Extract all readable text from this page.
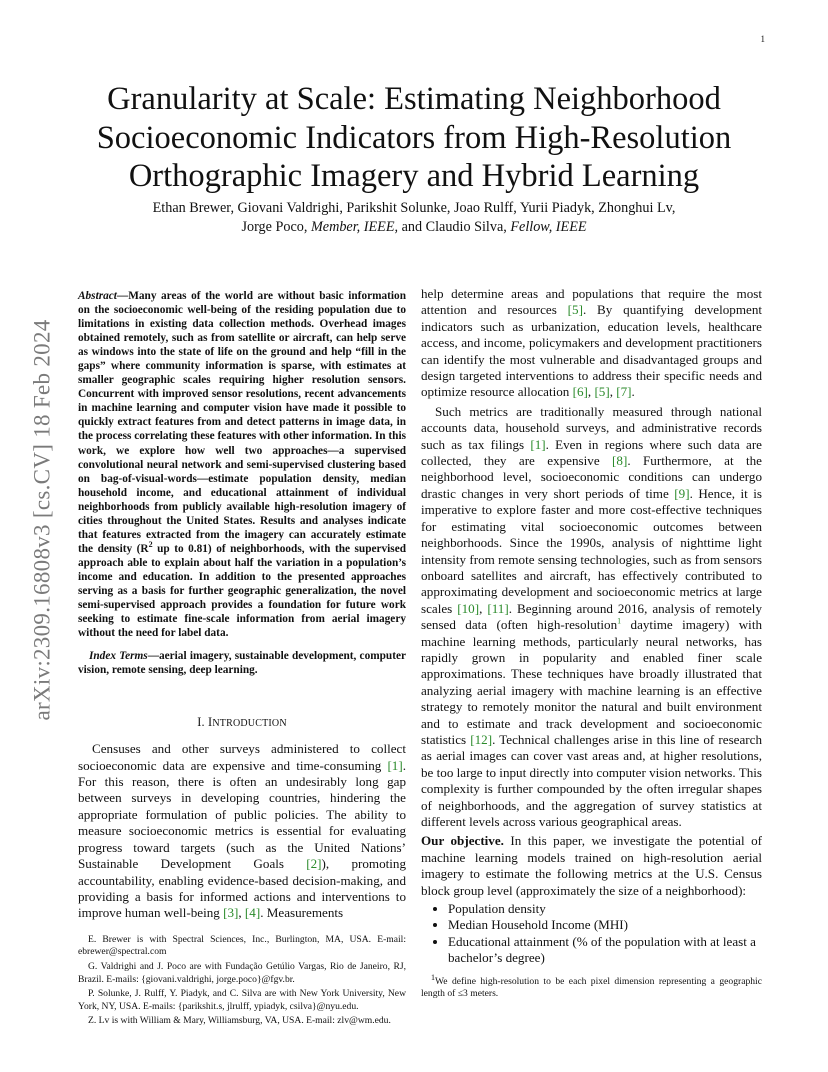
1
arXiv:2309.16808v3 [cs.CV] 18 Feb 2024
Granularity at Scale: Estimating Neighborhood Socioeconomic Indicators from High-Resolution Orthographic Imagery and Hybrid Learning
Ethan Brewer, Giovani Valdrighi, Parikshit Solunke, Joao Rulff, Yurii Piadyk, Zhonghui Lv,
Jorge Poco, Member, IEEE, and Claudio Silva, Fellow, IEEE

Abstract—Many areas of the world are without basic information on the socioeconomic well-being of the residing population due to limitations in existing data collection methods. Overhead images obtained remotely, such as from satellite or aircraft, can help serve as windows into the state of life on the ground and help “fill in the gaps” where community information is sparse, with estimates at smaller geographic scales requiring higher resolution sensors. Concurrent with improved sensor resolutions, recent advancements in machine learning and computer vision have made it possible to quickly extract features from and detect patterns in image data, in the process correlating these features with other information. In this work, we explore how well two approaches—a supervised convolutional neural network and semi-supervised clustering based on bag-of-visual-words—estimate population density, median household income, and educational attainment of individual neighborhoods from publicly available high-resolution imagery of cities throughout the United States. Results and analyses indicate that features extracted from the imagery can accurately estimate the density ($R^2$ up to 0.81) of neighborhoods, with the supervised approach able to explain about half the variation in a population’s income and education. In addition to the presented approaches serving as a basis for further geographic generalization, the novel semi-supervised approach provides a foundation for future work seeking to estimate fine-scale information from aerial imagery without the need for label data.

Index Terms—aerial imagery, sustainable development, computer vision, remote sensing, deep learning.

I. INTRODUCTION

Censuses and other surveys administered to collect socioeconomic data are expensive and time-consuming [1]. For this reason, there is often an undesirably long gap between surveys in developing countries, hindering the appropriate formulation of public policies. The ability to measure socioeconomic metrics is essential for evaluating progress toward targets (such as the United Nations’ Sustainable Development Goals [2]), promoting accountability, enabling evidence-based decision-making, and providing a basis for informed actions and interventions to improve human well-being [3], [4]. Measurements

E. Brewer is with Spectral Sciences, Inc., Burlington, MA, USA. E-mail: ebrewer@spectral.com

G. Valdrighi and J. Poco are with Fundação Getúlio Vargas, Rio de Janeiro, RJ, Brazil. E-mails: {giovani.valdrighi, jorge.poco}@fgv.br.

P. Solunke, J. Rulff, Y. Piadyk, and C. Silva are with New York University, New York, NY, USA. E-mails: {parikshit.s, jlrulff, ypiadyk, csilva}@nyu.edu.

Z. Lv is with William & Mary, Williamsburg, VA, USA. E-mail: zlv@wm.edu.

help determine areas and populations that require the most attention and resources [5]. By quantifying development indicators such as urbanization, education levels, healthcare access, and income, policymakers and development practitioners can identify the most vulnerable and disadvantaged groups and design targeted interventions to address their specific needs and optimize resource allocation [6], [5], [7].

Such metrics are traditionally measured through national accounts data, household surveys, and administrative records such as tax filings [1]. Even in regions where such data are collected, they are expensive [8]. Furthermore, at the neighborhood level, socioeconomic conditions can undergo drastic changes in very short periods of time [9]. Hence, it is imperative to explore faster and more cost-effective techniques for estimating vital socioeconomic outcomes between neighborhoods. Since the 1990s, analysis of nighttime light intensity from remote sensing technologies, such as from sensors onboard satellites and aircraft, has effectively contributed to approximating development and socioeconomic metrics at large scales [10], [11]. Beginning around 2016, analysis of remotely sensed data (often high-resolution$^1$ daytime imagery) with machine learning methods, particularly neural networks, has rapidly grown in popularity and enabled finer scale approximations. These techniques have broadly illustrated that analyzing aerial imagery with machine learning is an effective strategy to remotely monitor the natural and built environment and to estimate and track development and socioeconomic statistics [12]. Technical challenges arise in this line of research as aerial images can cover vast areas and, at higher resolutions, be too large to input directly into computer vision networks. This complexity is further compounded by the often irregular shapes of neighborhoods, and the aggregation of survey statistics at different levels across various geographical areas.

Our objective. In this paper, we investigate the potential of machine learning models trained on high-resolution aerial imagery to estimate the following metrics at the U.S. Census block group level (approximately the size of a neighborhood):

• Population density
• Median Household Income (MHI)
• Educational attainment (% of the population with at least a bachelor’s degree)

$^1$We define high-resolution to be each pixel dimension representing a geographic length of ≤3 meters.
